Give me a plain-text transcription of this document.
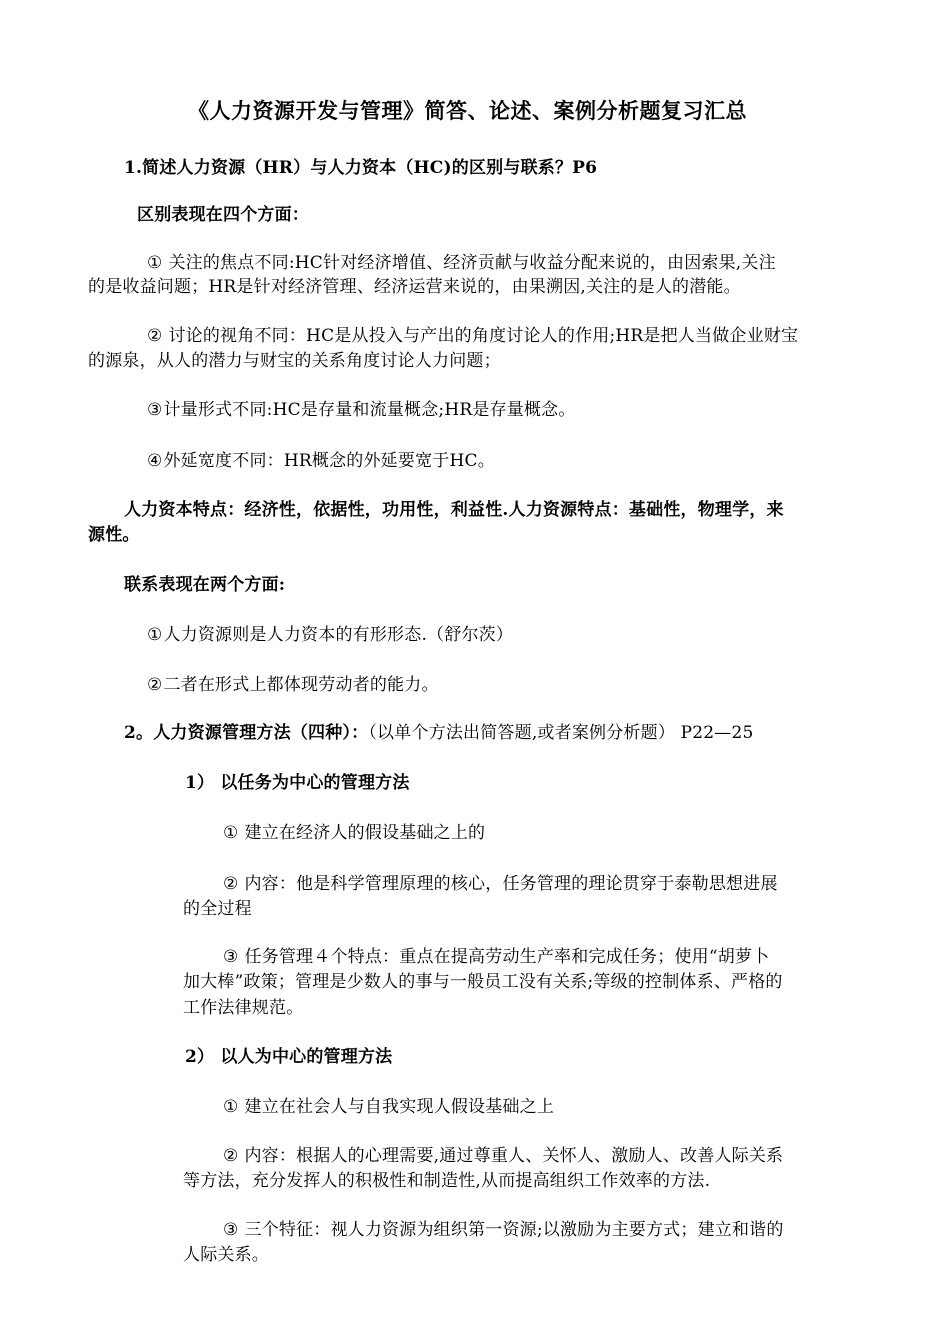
《人力资源开发与管理》简答、论述、案例分析题复习汇总
1.简述人力资源（HR）与人力资本（HC)的区别与联系？P6
区别表现在四个方面：
① 关注的焦点不同:HC针对经济增值、经济贡献与收益分配来说的，由因索果,关注
的是收益问题；HR是针对经济管理、经济运营来说的，由果溯因,关注的是人的潜能。
② 讨论的视角不同：HC是从投入与产出的角度讨论人的作用;HR是把人当做企业财宝
的源泉，从人的潜力与财宝的关系角度讨论人力问题；
③计量形式不同:HC是存量和流量概念;HR是存量概念。
④外延宽度不同：HR概念的外延要宽于HC。
人力资本特点：经济性，依据性，功用性，利益性.人力资源特点：基础性，物理学，来
源性。
联系表现在两个方面:
①人力资源则是人力资本的有形形态.（舒尔茨）
②二者在形式上都体现劳动者的能力。
2。人力资源管理方法（四种）：（以单个方法出简答题,或者案例分析题） P22—25
1） 以任务为中心的管理方法
① 建立在经济人的假设基础之上的
② 内容：他是科学管理原理的核心，任务管理的理论贯穿于泰勒思想进展
的全过程
③ 任务管理４个特点：重点在提高劳动生产率和完成任务；使用“胡萝卜
加大棒”政策；管理是少数人的事与一般员工没有关系;等级的控制体系、严格的
工作法律规范。
2） 以人为中心的管理方法
① 建立在社会人与自我实现人假设基础之上
② 内容：根据人的心理需要,通过尊重人、关怀人、激励人、改善人际关系
等方法，充分发挥人的积极性和制造性,从而提高组织工作效率的方法.
③ 三个特征：视人力资源为组织第一资源;以激励为主要方式；建立和谐的
人际关系。
